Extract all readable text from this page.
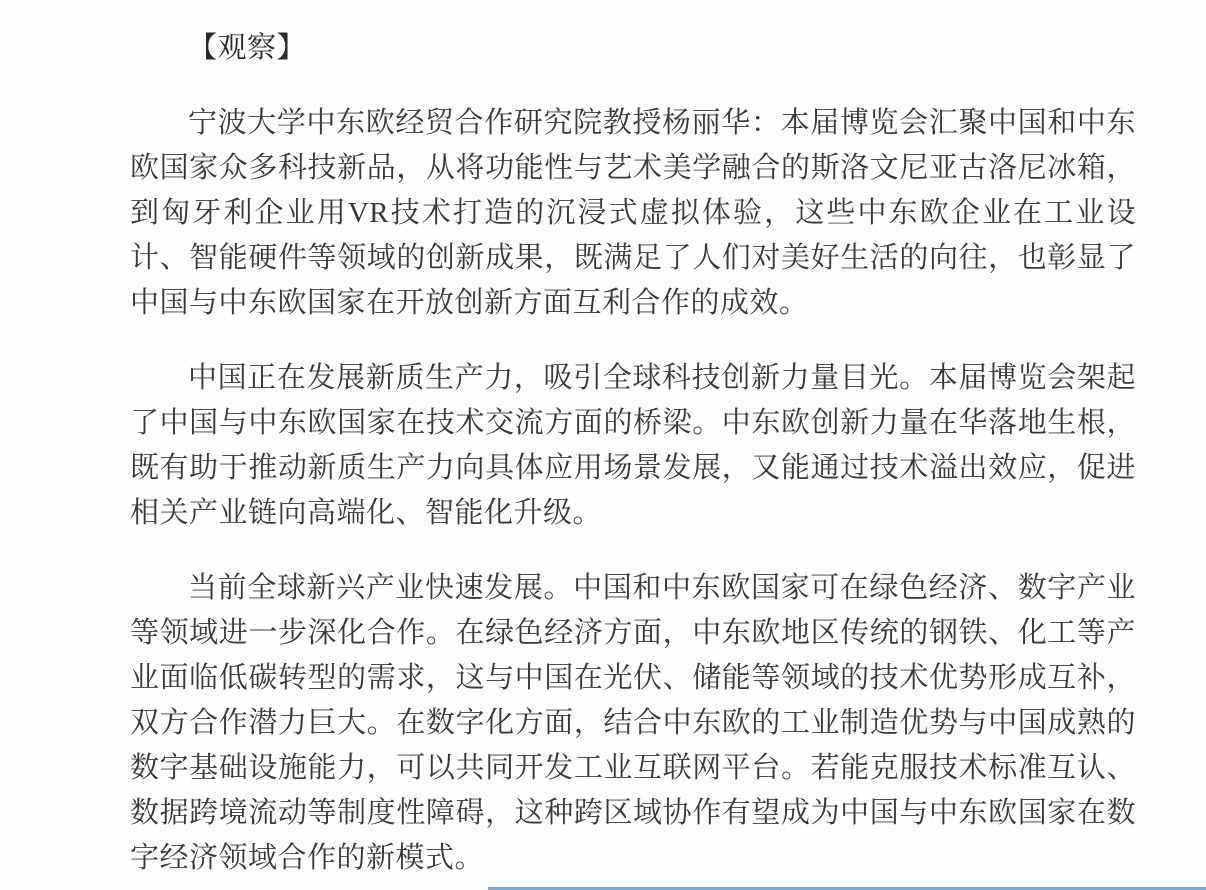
【观察】

宁波大学中东欧经贸合作研究院教授杨丽华：本届博览会汇聚中国和中东欧国家众多科技新品，从将功能性与艺术美学融合的斯洛文尼亚古洛尼冰箱，到匈牙利企业用VR技术打造的沉浸式虚拟体验，这些中东欧企业在工业设计、智能硬件等领域的创新成果，既满足了人们对美好生活的向往，也彰显了中国与中东欧国家在开放创新方面互利合作的成效。

中国正在发展新质生产力，吸引全球科技创新力量目光。本届博览会架起了中国与中东欧国家在技术交流方面的桥梁。中东欧创新力量在华落地生根，既有助于推动新质生产力向具体应用场景发展，又能通过技术溢出效应，促进相关产业链向高端化、智能化升级。

当前全球新兴产业快速发展。中国和中东欧国家可在绿色经济、数字产业等领域进一步深化合作。在绿色经济方面，中东欧地区传统的钢铁、化工等产业面临低碳转型的需求，这与中国在光伏、储能等领域的技术优势形成互补，双方合作潜力巨大。在数字化方面，结合中东欧的工业制造优势与中国成熟的数字基础设施能力，可以共同开发工业互联网平台。若能克服技术标准互认、数据跨境流动等制度性障碍，这种跨区域协作有望成为中国与中东欧国家在数字经济领域合作的新模式。
